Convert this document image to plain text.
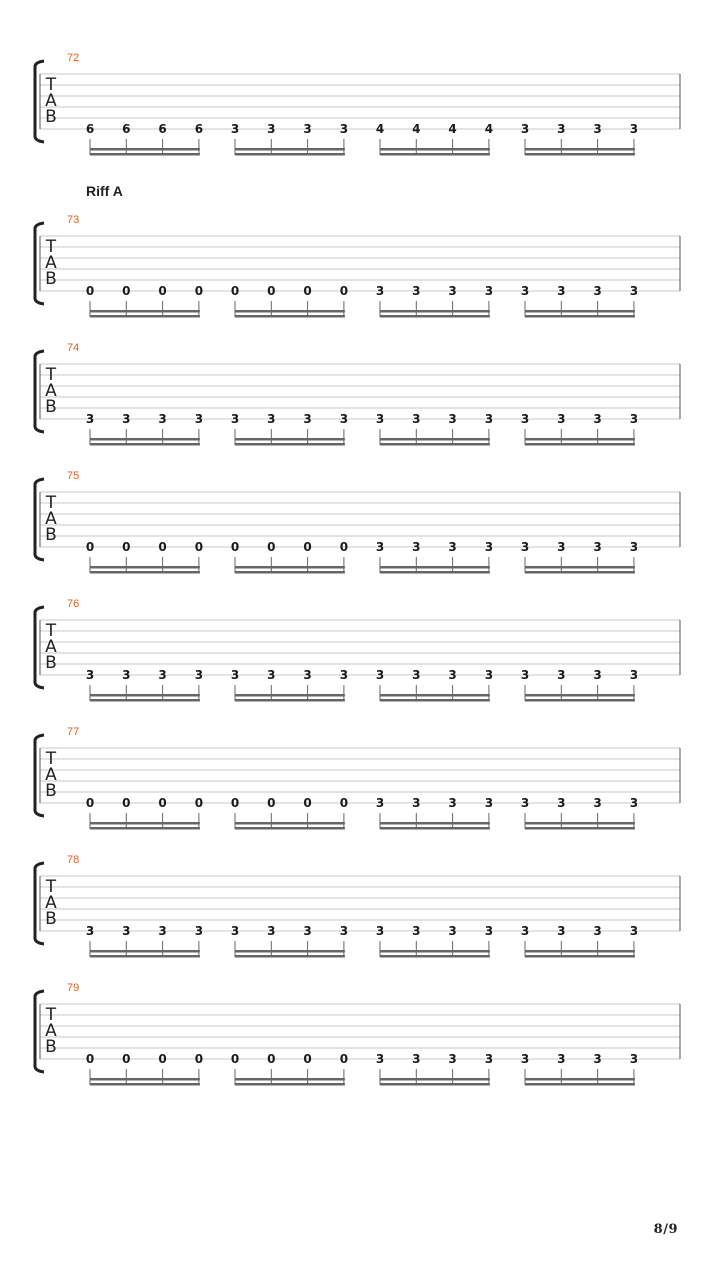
72
T
A
B
6 6 6 6 3 3 3 3 4 4 4 4 3 3 3 3
Riff A
73
T
A
B
0 0 0 0 0 0 0 0 3 3 3 3 3 3 3 3
74
T
A
B
3 3 3 3 3 3 3 3 3 3 3 3 3 3 3 3
75
T
A
B
0 0 0 0 0 0 0 0 3 3 3 3 3 3 3 3
76
T
A
B
3 3 3 3 3 3 3 3 3 3 3 3 3 3 3 3
77
T
A
B
0 0 0 0 0 0 0 0 3 3 3 3 3 3 3 3
78
T
A
B
3 3 3 3 3 3 3 3 3 3 3 3 3 3 3 3
79
T
A
B
0 0 0 0 0 0 0 0 3 3 3 3 3 3 3 3
8/9
